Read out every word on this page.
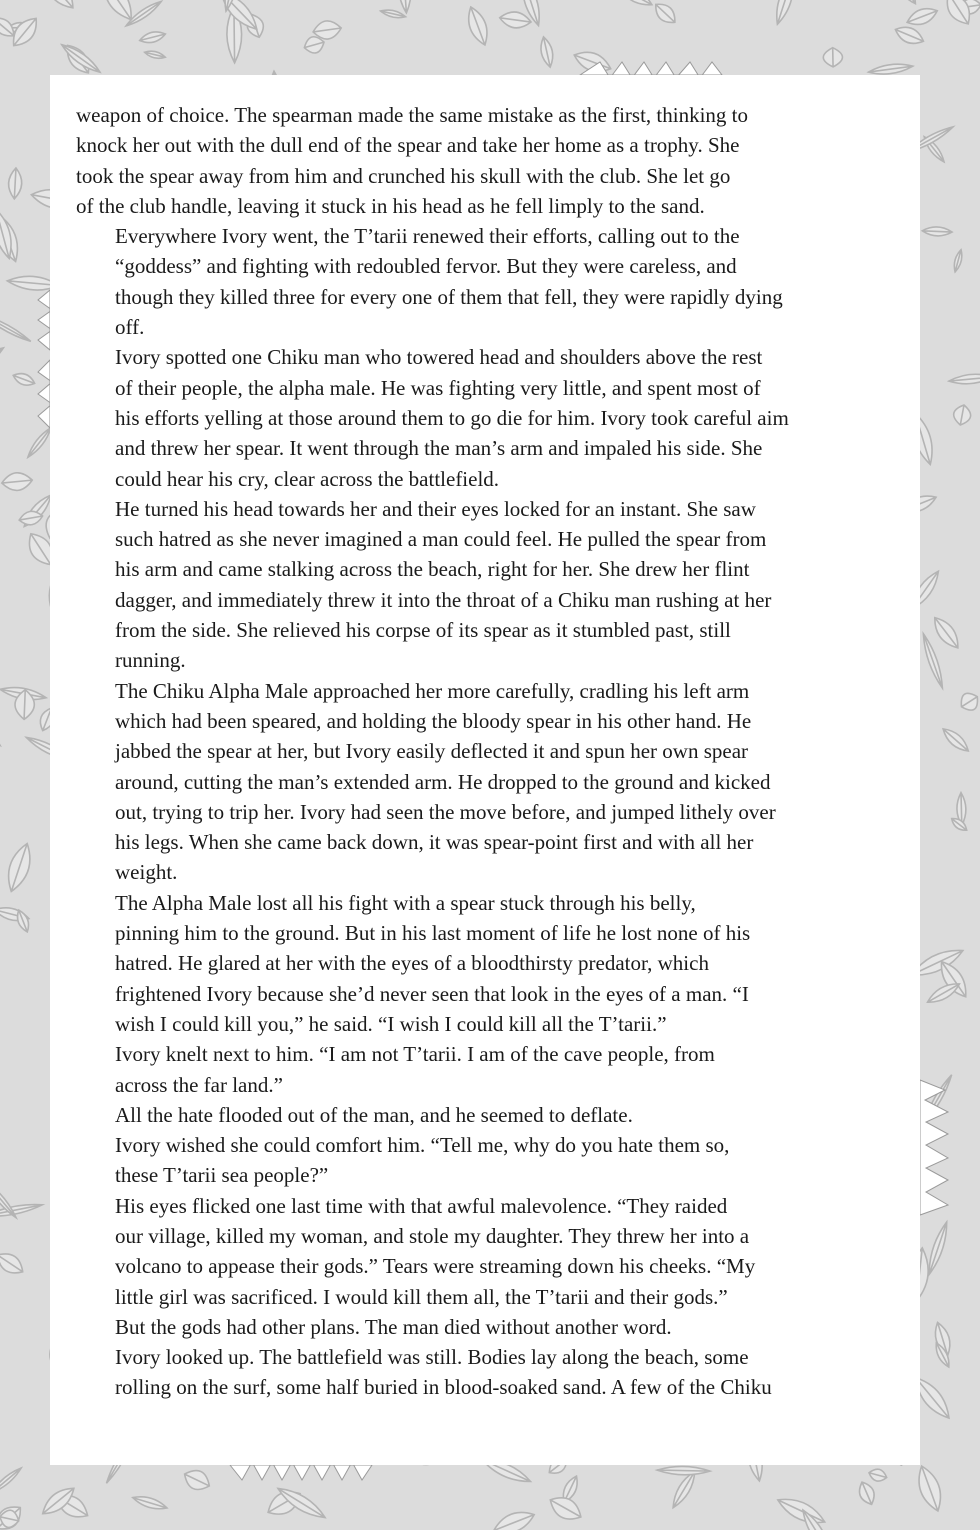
weapon of choice. The spearman made the same mistake as the first, thinking to
knock her out with the dull end of the spear and take her home as a trophy. She
took the spear away from him and crunched his skull with the club. She let go
of the club handle, leaving it stuck in his head as he fell limply to the sand.

Everywhere Ivory went, the T’tarii renewed their efforts, calling out to the
“goddess” and fighting with redoubled fervor. But they were careless, and
though they killed three for every one of them that fell, they were rapidly dying
off.

Ivory spotted one Chiku man who towered head and shoulders above the rest
of their people, the alpha male. He was fighting very little, and spent most of
his efforts yelling at those around them to go die for him. Ivory took careful aim
and threw her spear. It went through the man’s arm and impaled his side. She
could hear his cry, clear across the battlefield.

He turned his head towards her and their eyes locked for an instant. She saw
such hatred as she never imagined a man could feel. He pulled the spear from
his arm and came stalking across the beach, right for her. She drew her flint
dagger, and immediately threw it into the throat of a Chiku man rushing at her
from the side. She relieved his corpse of its spear as it stumbled past, still
running.

The Chiku Alpha Male approached her more carefully, cradling his left arm
which had been speared, and holding the bloody spear in his other hand. He
jabbed the spear at her, but Ivory easily deflected it and spun her own spear
around, cutting the man’s extended arm. He dropped to the ground and kicked
out, trying to trip her. Ivory had seen the move before, and jumped lithely over
his legs. When she came back down, it was spear-point first and with all her
weight.

The Alpha Male lost all his fight with a spear stuck through his belly,
pinning him to the ground. But in his last moment of life he lost none of his
hatred. He glared at her with the eyes of a bloodthirsty predator, which
frightened Ivory because she’d never seen that look in the eyes of a man. “I
wish I could kill you,” he said. “I wish I could kill all the T’tarii.”

Ivory knelt next to him. “I am not T’tarii. I am of the cave people, from
across the far land.”

All the hate flooded out of the man, and he seemed to deflate.

Ivory wished she could comfort him. “Tell me, why do you hate them so,
these T’tarii sea people?”

His eyes flicked one last time with that awful malevolence. “They raided
our village, killed my woman, and stole my daughter. They threw her into a
volcano to appease their gods.” Tears were streaming down his cheeks. “My
little girl was sacrificed. I would kill them all, the T’tarii and their gods.”

But the gods had other plans. The man died without another word.

Ivory looked up. The battlefield was still. Bodies lay along the beach, some
rolling on the surf, some half buried in blood-soaked sand. A few of the Chiku
